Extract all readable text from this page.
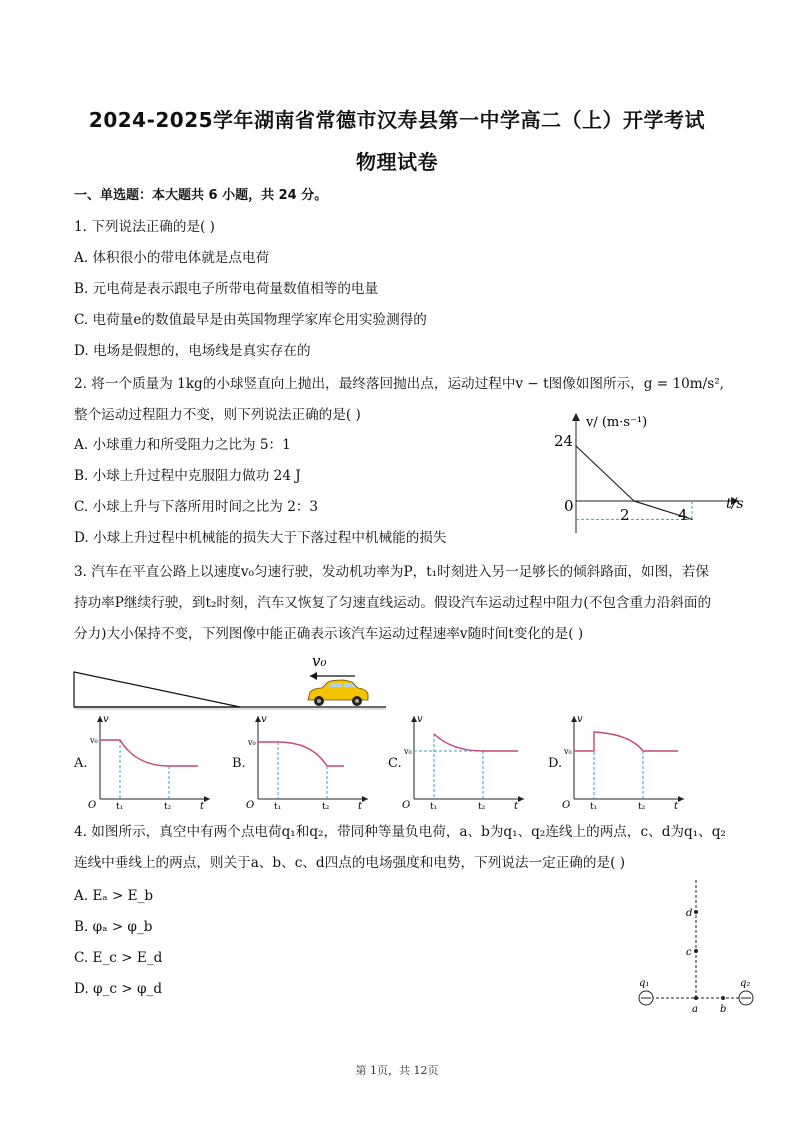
2024-2025学年湖南省常德市汉寿县第一中学高二（上）开学考试
物理试卷
一、单选题：本大题共 6 小题，共 24 分。
1. 下列说法正确的是( )
A. 体积很小的带电体就是点电荷
B. 元电荷是表示跟电子所带电荷量数值相等的电量
C. 电荷量e的数值最早是由英国物理学家库仑用实验测得的
D. 电场是假想的，电场线是真实存在的
2. 将一个质量为 1kg的小球竖直向上抛出，最终落回抛出点，运动过程中v − t图像如图所示，g = 10m/s²,
整个运动过程阻力不变，则下列说法正确的是( )
A. 小球重力和所受阻力之比为 5：1
B. 小球上升过程中克服阻力做功 24 J
C. 小球上升与下落所用时间之比为 2：3
D. 小球上升过程中机械能的损失大于下落过程中机械能的损失
v/ (m·s⁻¹)
t/s
24
0	2	4
3. 汽车在平直公路上以速度v₀匀速行驶，发动机功率为P，t₁时刻进入另一足够长的倾斜路面，如图，若保
持功率P继续行驶，到t₂时刻，汽车又恢复了匀速直线运动。假设汽车运动过程中阻力(不包含重力沿斜面的
分力)大小保持不变，下列图像中能正确表示该汽车运动过程速率v随时间t变化的是( )
v₀
A.	B.	C.	D.
v
t
O
v₀
t₁	t₂
v
t
O
v₀
t₁	t₂
v
t
O
v₀
t₁	t₂
v
t
O
v₀
t₁	t₂
4. 如图所示，真空中有两个点电荷q₁和q₂，带同种等量负电荷，a、b为q₁、q₂连线上的两点，c、d为q₁、q₂
连线中垂线上的两点，则关于a、b、c、d四点的电场强度和电势，下列说法一定正确的是( )
A. Eₐ > E_b
B. φₐ > φ_b
C. E_c > E_d
D. φ_c > φ_d	q₁	q₂
d
c
a b
第 1页，共 12页
